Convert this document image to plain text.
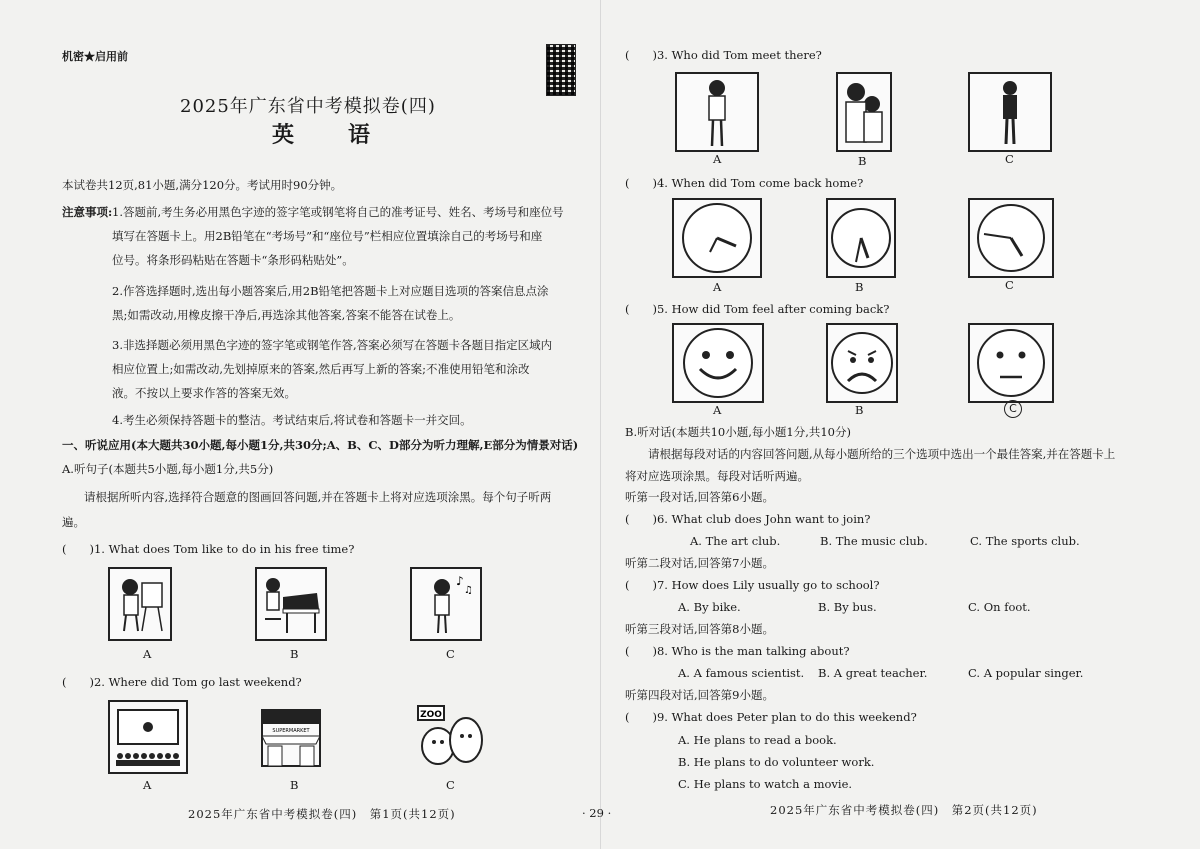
机密★启用前
2025年广东省中考模拟卷(四)
英　语
本试卷共12页,81小题,满分120分。考试用时90分钟。
注意事项: 1.答题前,考生务必用黑色字迹的签字笔或钢笔将自己的准考证号、姓名、考场号和座位号
填写在答题卡上。用2B铅笔在“考场号”和“座位号”栏相应位置填涂自己的考场号和座
位号。将条形码粘贴在答题卡“条形码粘贴处”。
2.作答选择题时,选出每小题答案后,用2B铅笔把答题卡上对应题目选项的答案信息点涂
黑;如需改动,用橡皮擦干净后,再选涂其他答案,答案不能答在试卷上。
3.非选择题必须用黑色字迹的签字笔或钢笔作答,答案必须写在答题卡各题目指定区域内
相应位置上;如需改动,先划掉原来的答案,然后再写上新的答案;不准使用铅笔和涂改
液。不按以上要求作答的答案无效。
4.考生必须保持答题卡的整洁。考试结束后,将试卷和答题卡一并交回。
一、听说应用(本大题共30小题,每小题1分,共30分;A、B、C、D部分为听力理解,E部分为情景对话)
A.听句子(本题共5小题,每小题1分,共5分)
请根据所听内容,选择符合题意的图画回答问题,并在答题卡上将对应选项涂黑。每个句子听两
遍。
(　　)1. What does Tom like to do in his free time?
A	B
♪
♫
C
(　　)2. Where did Tom go last weekend?
A
SUPERMARKET
B
ZOO
C
2025年广东省中考模拟卷(四)　第1页(共12页)
(　　)3. Who did Tom meet there?
A	B	C
(　　)4. When did Tom come back home?
A	B	C
(　　)5. How did Tom feel after coming back?
A	B	C
B.听对话(本题共10小题,每小题1分,共10分)
请根据每段对话的内容回答问题,从每小题所给的三个选项中选出一个最佳答案,并在答题卡上
将对应选项涂黑。每段对话听两遍。
听第一段对话,回答第6小题。
(　　)6. What club does John want to join?
A. The art club.	B. The music club.	C. The sports club.
听第二段对话,回答第7小题。
(　　)7. How does Lily usually go to school?
A. By bike.	B. By bus.	C. On foot.
听第三段对话,回答第8小题。
(　　)8. Who is the man talking about?
A. A famous scientist. B. A great teacher.	C. A popular singer.
听第四段对话,回答第9小题。
(　　)9. What does Peter plan to do this weekend?
A. He plans to read a book.
B. He plans to do volunteer work.
C. He plans to watch a movie.
· 29 ·	2025年广东省中考模拟卷(四)　第2页(共12页)
